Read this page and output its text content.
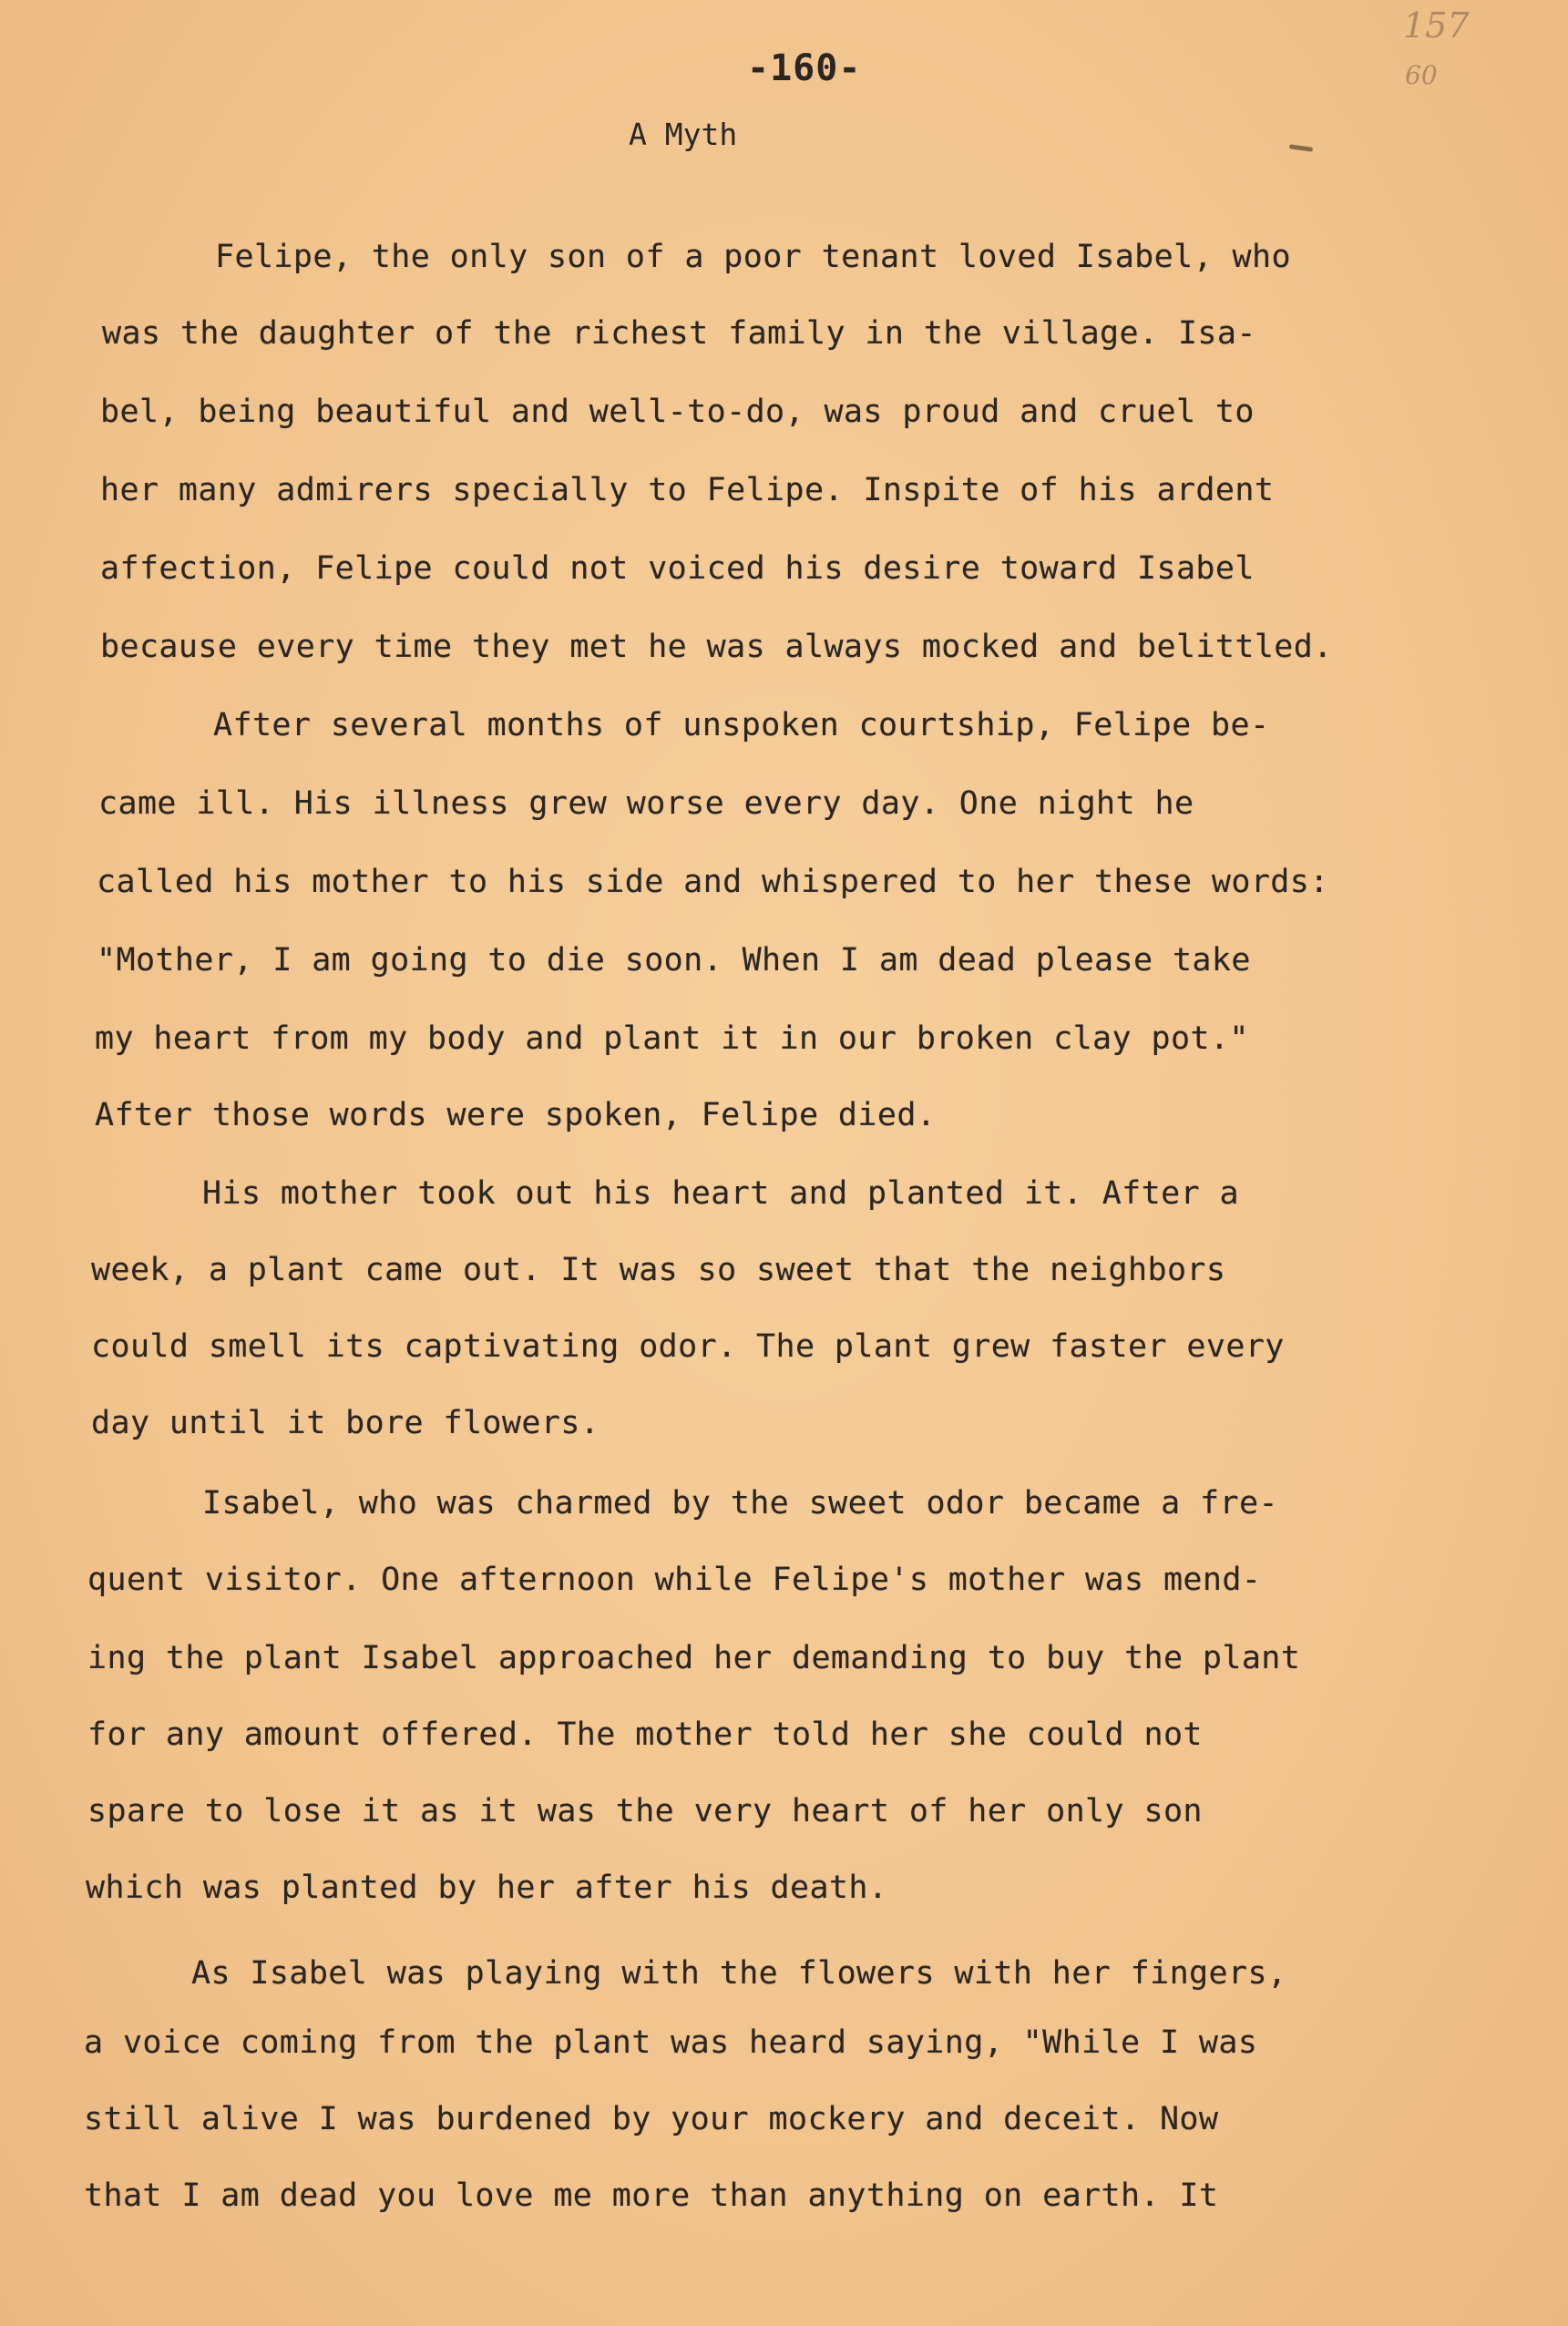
-160-
157
60
A Myth
Felipe, the only son of a poor tenant loved Isabel, who
was the daughter of the richest family in the village. Isa-
bel, being beautiful and well-to-do, was proud and cruel to
her many admirers specially to Felipe. Inspite of his ardent
affection, Felipe could not voiced his desire toward Isabel
because every time they met he was always mocked and belittled.
After several months of unspoken courtship, Felipe be-
came ill. His illness grew worse every day. One night he
called his mother to his side and whispered to her these words:
"Mother, I am going to die soon. When I am dead please take
my heart from my body and plant it in our broken clay pot."
After those words were spoken, Felipe died.
His mother took out his heart and planted it. After a
week, a plant came out. It was so sweet that the neighbors
could smell its captivating odor. The plant grew faster every
day until it bore flowers.
Isabel, who was charmed by the sweet odor became a fre-
quent visitor. One afternoon while Felipe's mother was mend-
ing the plant Isabel approached her demanding to buy the plant
for any amount offered. The mother told her she could not
spare to lose it as it was the very heart of her only son
which was planted by her after his death.
As Isabel was playing with the flowers with her fingers,
a voice coming from the plant was heard saying, "While I was
still alive I was burdened by your mockery and deceit. Now
that I am dead you love me more than anything on earth. It
